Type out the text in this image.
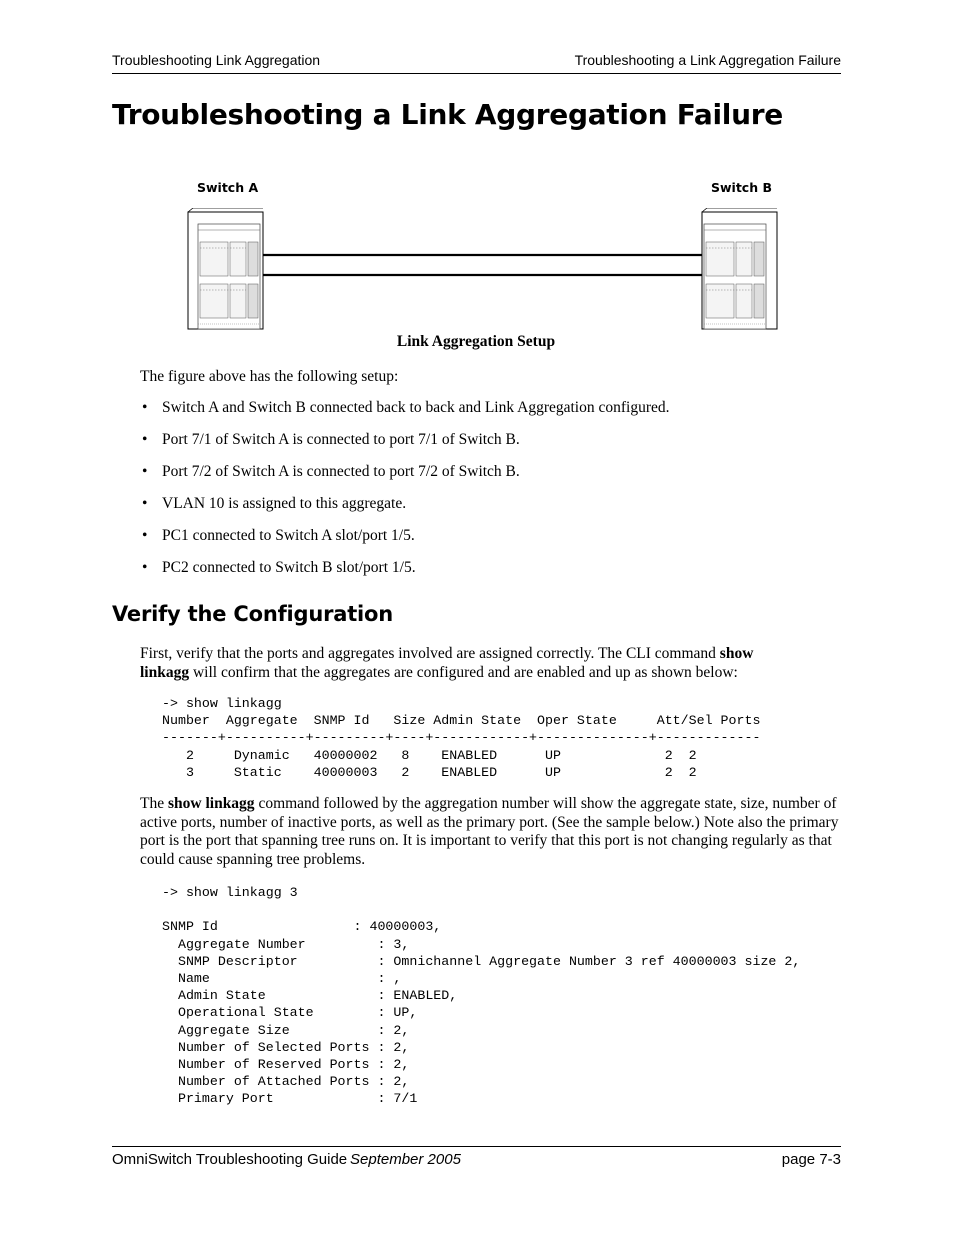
Troubleshooting Link Aggregation	Troubleshooting a Link Aggregation Failure
Troubleshooting a Link Aggregation Failure
Switch A	Switch B
Link Aggregation Setup
The figure above has the following setup:
• Switch A and Switch B connected back to back and Link Aggregation configured.
• Port 7/1 of Switch A is connected to port 7/1 of Switch B.
• Port 7/2 of Switch A is connected to port 7/2 of Switch B.
• VLAN 10 is assigned to this aggregate.
• PC1 connected to Switch A slot/port 1/5.
• PC2 connected to Switch B slot/port 1/5.
Verify the Configuration
First, verify that the ports and aggregates involved are assigned correctly. The CLI command show linkagg will confirm that the aggregates are configured and are enabled and up as shown below:
-> show linkagg
Number  Aggregate  SNMP Id   Size Admin State  Oper State     Att/Sel Ports
-------+----------+---------+----+------------+--------------+-------------
2     Dynamic   40000002   8    ENABLED      UP             2  2
3     Static    40000003   2    ENABLED      UP             2  2
The show linkagg command followed by the aggregation number will show the aggregate state, size, number of active ports, number of inactive ports, as well as the primary port. (See the sample below.) Note also the primary port is the port that spanning tree runs on. It is important to verify that this port is not changing regularly as that could cause spanning tree problems.
-> show linkagg 3

SNMP Id                 : 40000003,
Aggregate Number         : 3,
SNMP Descriptor          : Omnichannel Aggregate Number 3 ref 40000003 size 2,
Name                     : ,
Admin State              : ENABLED,
Operational State        : UP,
Aggregate Size           : 2,
Number of Selected Ports : 2,
Number of Reserved Ports : 2,
Number of Attached Ports : 2,
Primary Port             : 7/1
OmniSwitch Troubleshooting Guide September 2005	page 7-3
